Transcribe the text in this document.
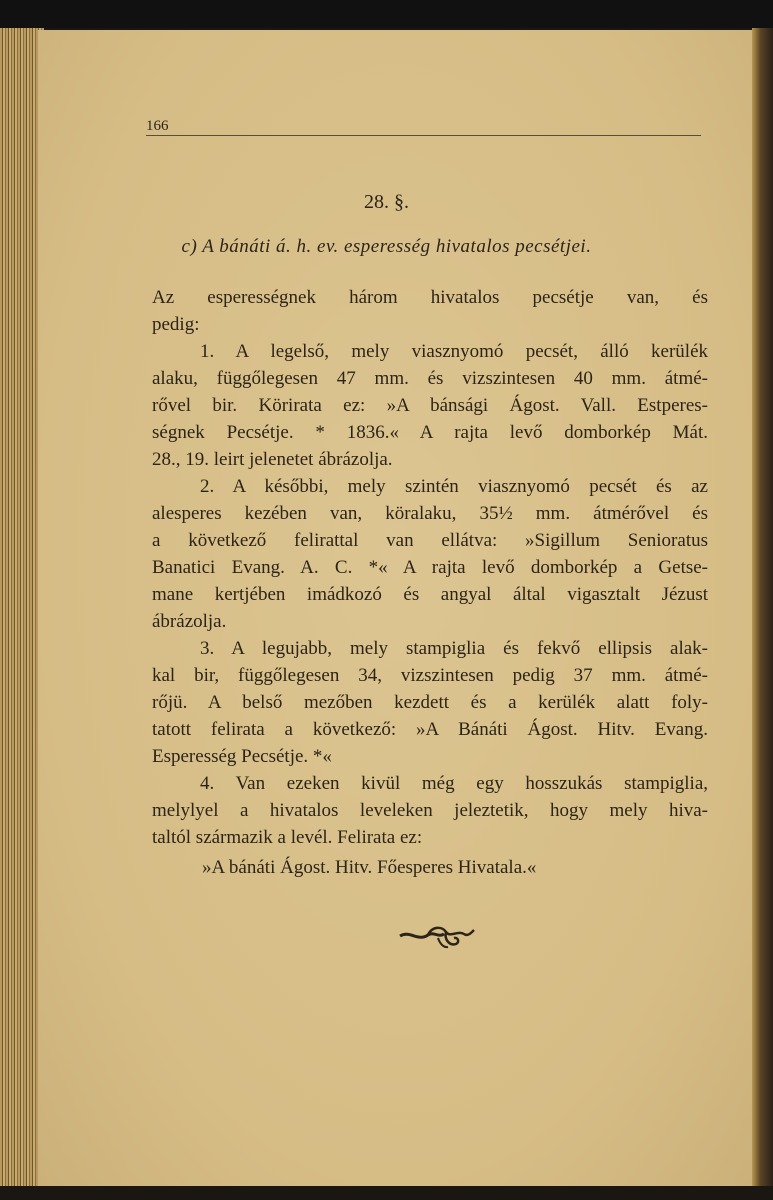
166
28. §.
c) A bánáti á. h. ev. esperesség hivatalos pecsétjei.
Az esperességnek három hivatalos pecsétje van, és
pedig:
1. A legelső, mely viasznyomó pecsét, álló kerülék
alaku, függőlegesen 47 mm. és vizszintesen 40 mm. átmé-
rővel bir. Körirata ez: »A bánsági Ágost. Vall. Estperes-
ségnek Pecsétje. * 1836.« A rajta levő domborkép Mát.
28., 19. leirt jelenetet ábrázolja.
2. A későbbi, mely szintén viasznyomó pecsét és az
alesperes kezében van, köralaku, 35½ mm. átmérővel és
a következő felirattal van ellátva: »Sigillum Senioratus
Banatici Evang. A. C. *« A rajta levő domborkép a Getse-
mane kertjében imádkozó és angyal által vigasztalt Jézust
ábrázolja.
3. A legujabb, mely stampiglia és fekvő ellipsis alak-
kal bir, függőlegesen 34, vizszintesen pedig 37 mm. átmé-
rőjü. A belső mezőben kezdett és a kerülék alatt foly-
tatott felirata a következő: »A Bánáti Ágost. Hitv. Evang.
Esperesség Pecsétje. *«
4. Van ezeken kivül még egy hosszukás stampiglia,
melylyel a hivatalos leveleken jeleztetik, hogy mely hiva-
taltól származik a levél. Felirata ez:
»A bánáti Ágost. Hitv. Főesperes Hivatala.«
